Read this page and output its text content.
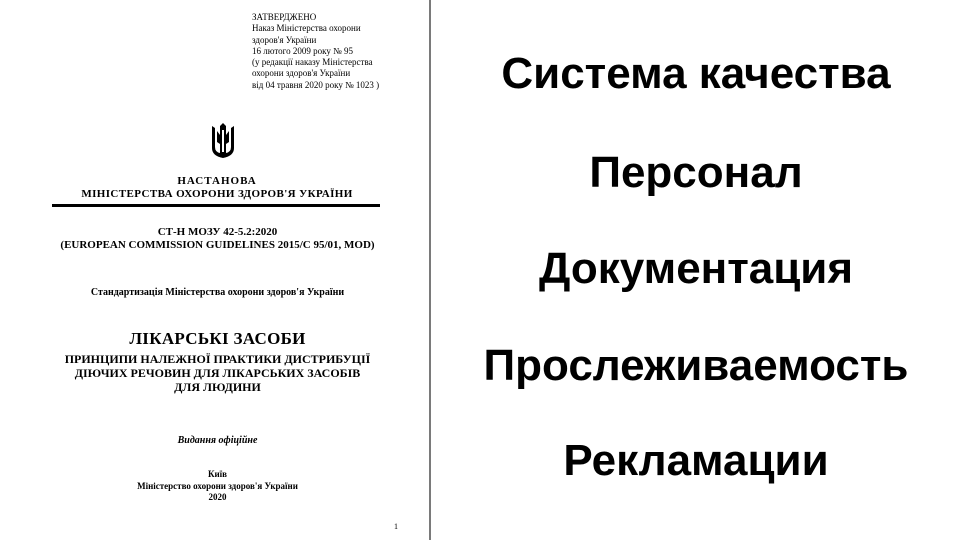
ЗАТВЕРДЖЕНО
Наказ Міністерства охорони
здоров'я України
16 лютого 2009 року № 95
(у редакції наказу Міністерства
охорони здоров'я України
від 04 травня 2020 року № 1023 )
НАСТАНОВА
МІНІСТЕРСТВА ОХОРОНИ ЗДОРОВ'Я УКРАЇНИ
СТ-Н МОЗУ 42-5.2:2020
(EUROPEAN COMMISSION GUIDELINES 2015/C 95/01, MOD)
Стандартизація Міністерства охорони здоров'я України
ЛІКАРСЬКІ ЗАСОБИ
ПРИНЦИПИ НАЛЕЖНОЇ ПРАКТИКИ ДИСТРИБУЦІЇ
ДІЮЧИХ РЕЧОВИН ДЛЯ ЛІКАРСЬКИХ ЗАСОБІВ
ДЛЯ ЛЮДИНИ
Видання офіційне
Київ
Міністерство охорони здоров'я України
2020
1
Система качества
Персонал
Документация
Прослеживаемость
Рекламации
